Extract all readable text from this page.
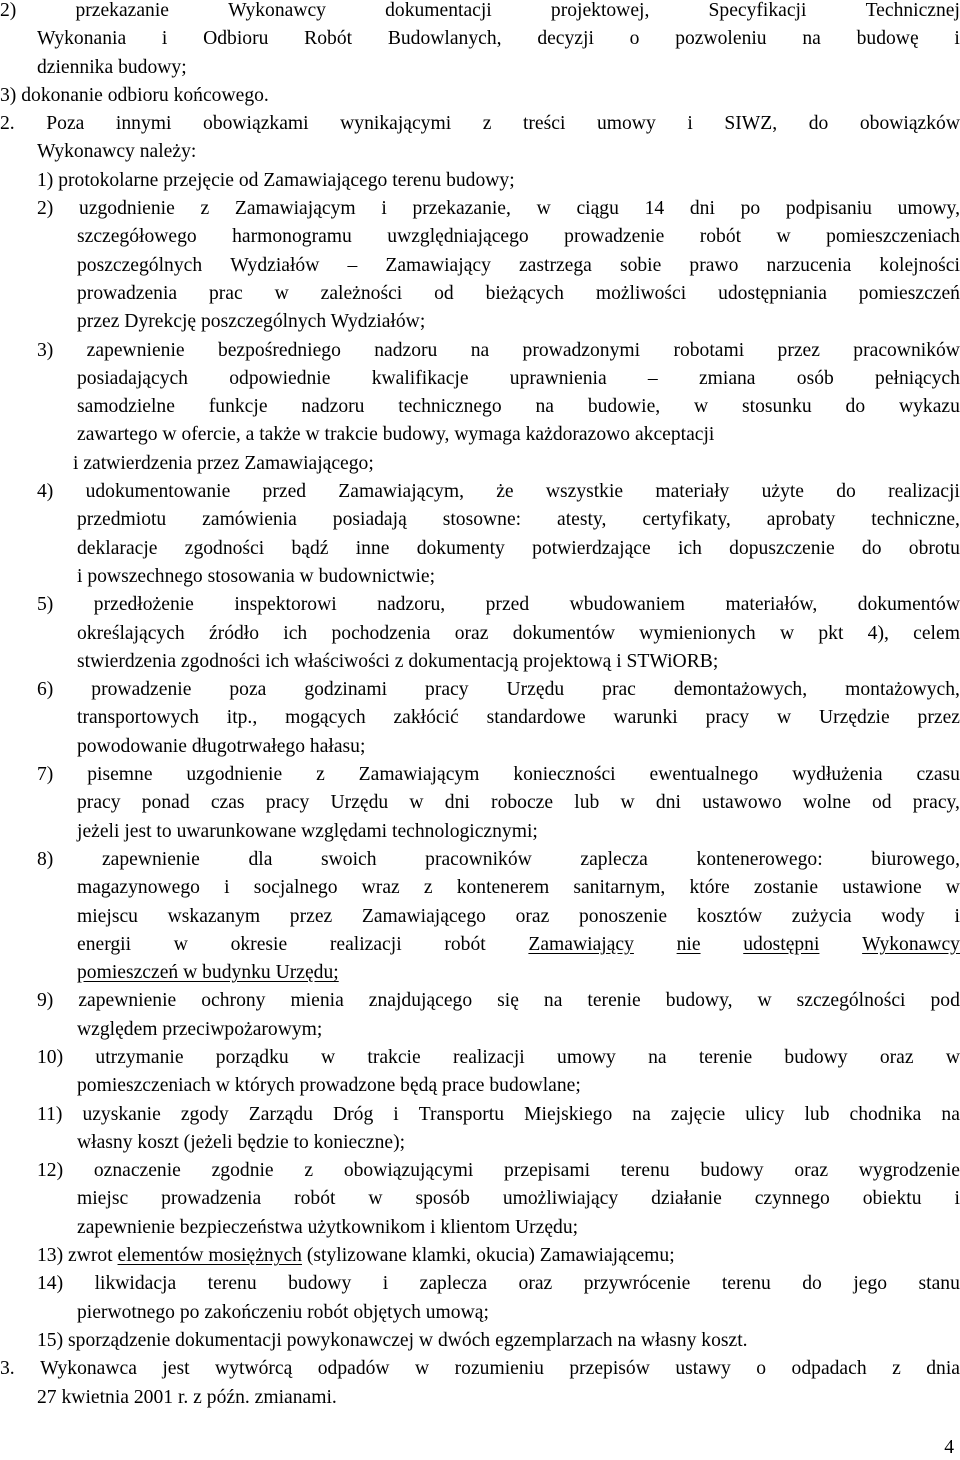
2)	przekazanie	Wykonawcy	dokumentacji	projektowej,	Specyfikacji	Technicznej
Wykonania i Odbioru Robót Budowlanych, decyzji o pozwoleniu na budowę i
dziennika budowy;
3) dokonanie odbioru końcowego.
2. Poza innymi obowiązkami wynikającymi z treści umowy i SIWZ, do obowiązków
Wykonawcy należy:
1) protokolarne przejęcie od Zamawiającego terenu budowy;
2) uzgodnienie z Zamawiającym i przekazanie, w ciągu 14 dni po podpisaniu umowy,
szczegółowego harmonogramu uwzględniającego prowadzenie robót w pomieszczeniach
poszczególnych Wydziałów – Zamawiający zastrzega sobie prawo narzucenia kolejności
prowadzenia prac w zależności od bieżących możliwości udostępniania pomieszczeń
przez Dyrekcję poszczególnych Wydziałów;
3) zapewnienie bezpośredniego nadzoru na prowadzonymi robotami przez pracowników
posiadających odpowiednie kwalifikacje uprawnienia – zmiana osób pełniących
samodzielne funkcje nadzoru technicznego na budowie, w stosunku do wykazu
zawartego w ofercie, a także w trakcie budowy, wymaga każdorazowo akceptacji
i zatwierdzenia przez Zamawiającego;
4) udokumentowanie przed Zamawiającym, że wszystkie materiały użyte do realizacji
przedmiotu zamówienia posiadają stosowne: atesty, certyfikaty, aprobaty techniczne,
deklaracje zgodności bądź inne dokumenty potwierdzające ich dopuszczenie do obrotu
i powszechnego stosowania w budownictwie;
5) przedłożenie inspektorowi nadzoru, przed wbudowaniem materiałów, dokumentów
określających źródło ich pochodzenia oraz dokumentów wymienionych w pkt 4), celem
stwierdzenia zgodności ich właściwości z dokumentacją projektową i STWiORB;
6) prowadzenie poza godzinami pracy Urzędu prac demontażowych, montażowych,
transportowych itp., mogących zakłócić standardowe warunki pracy w Urzędzie przez
powodowanie długotrwałego hałasu;
7) pisemne uzgodnienie z Zamawiającym konieczności ewentualnego wydłużenia czasu
pracy ponad czas pracy Urzędu w dni robocze lub w dni ustawowo wolne od pracy,
jeżeli jest to uwarunkowane względami technologicznymi;
8) zapewnienie dla swoich pracowników zaplecza kontenerowego: biurowego,
magazynowego i socjalnego wraz z kontenerem sanitarnym, które zostanie ustawione w
miejscu wskazanym przez Zamawiającego oraz ponoszenie kosztów zużycia wody i
energii w okresie realizacji robót Zamawiający nie udostępni Wykonawcy
pomieszczeń w budynku Urzędu;
9) zapewnienie ochrony mienia znajdującego się na terenie budowy, w szczególności pod
względem przeciwpożarowym;
10) utrzymanie porządku w trakcie realizacji umowy na terenie budowy oraz w
pomieszczeniach w których prowadzone będą prace budowlane;
11) uzyskanie zgody Zarządu Dróg i Transportu Miejskiego na zajęcie ulicy lub chodnika na
własny koszt (jeżeli będzie to konieczne);
12) oznaczenie zgodnie z obowiązującymi przepisami terenu budowy oraz wygrodzenie
miejsc prowadzenia robót w sposób umożliwiający działanie czynnego obiektu i
zapewnienie bezpieczeństwa użytkownikom i klientom Urzędu;
13) zwrot elementów mosiężnych (stylizowane klamki, okucia) Zamawiającemu;
14) likwidacja terenu budowy i zaplecza oraz przywrócenie terenu do jego stanu
pierwotnego po zakończeniu robót objętych umową;
15) sporządzenie dokumentacji powykonawczej w dwóch egzemplarzach na własny koszt.
3. Wykonawca jest wytwórcą odpadów w rozumieniu przepisów ustawy o odpadach z dnia
27 kwietnia 2001 r. z późn. zmianami.
4
